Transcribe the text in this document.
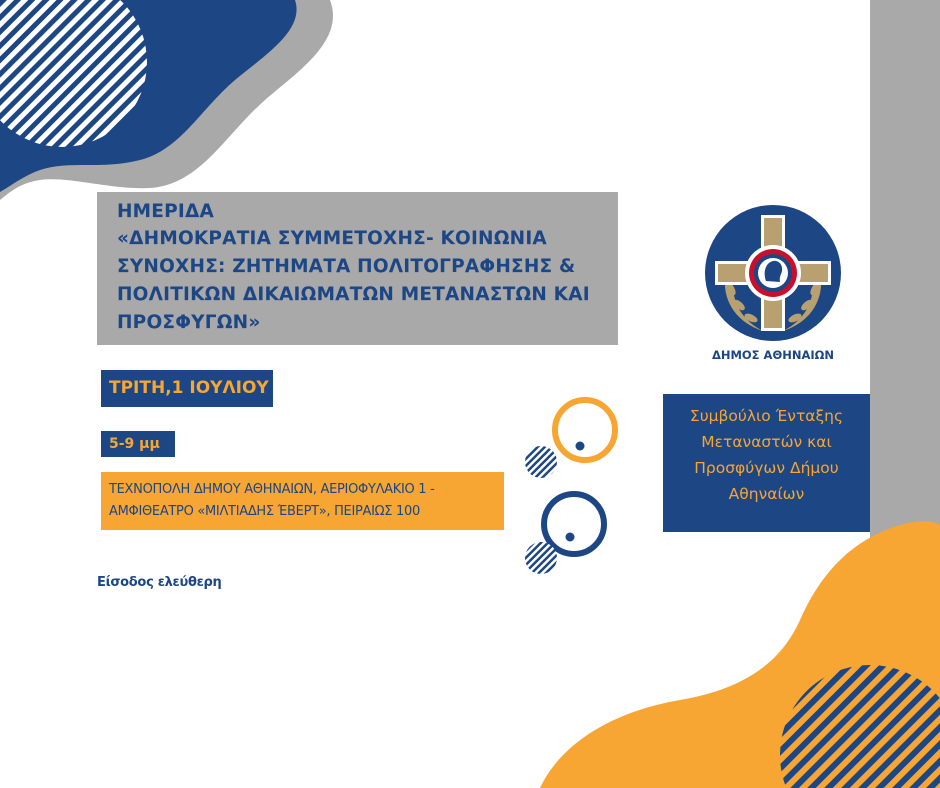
ΗΜΕΡΙΔΑ
«ΔΗΜΟΚΡΑΤΙΑ ΣΥΜΜΕΤΟΧΗΣ- ΚΟΙΝΩΝΙΑ
ΣΥΝΟΧΗΣ: ΖΗΤΗΜΑΤΑ ΠΟΛΙΤΟΓΡΑΦΗΣΗΣ &
ΠΟΛΙΤΙΚΩΝ ΔΙΚΑΙΩΜΑΤΩΝ ΜΕΤΑΝΑΣΤΩΝ ΚΑΙ
ΠΡΟΣΦΥΓΩΝ»
ΤΡΙΤΗ,1 ΙΟΥΛΙΟΥ
5-9 μμ
ΤΕΧΝΟΠΟΛΗ ΔΗΜΟΥ ΑΘΗΝΑΙΩΝ, ΑΕΡΙΟΦΥΛΑΚΙΟ 1 -
ΑΜΦΙΘΕΑΤΡΟ «ΜΙΛΤΙΑΔΗΣ ΈΒΕΡΤ», ΠΕΙΡΑΙΩΣ 100
Είσοδος ελεύθερη
ΔΗΜΟΣ ΑΘΗΝΑΙΩΝ
Συμβούλιο Ένταξης
Μεταναστών και
Προσφύγων Δήμου
Αθηναίων
